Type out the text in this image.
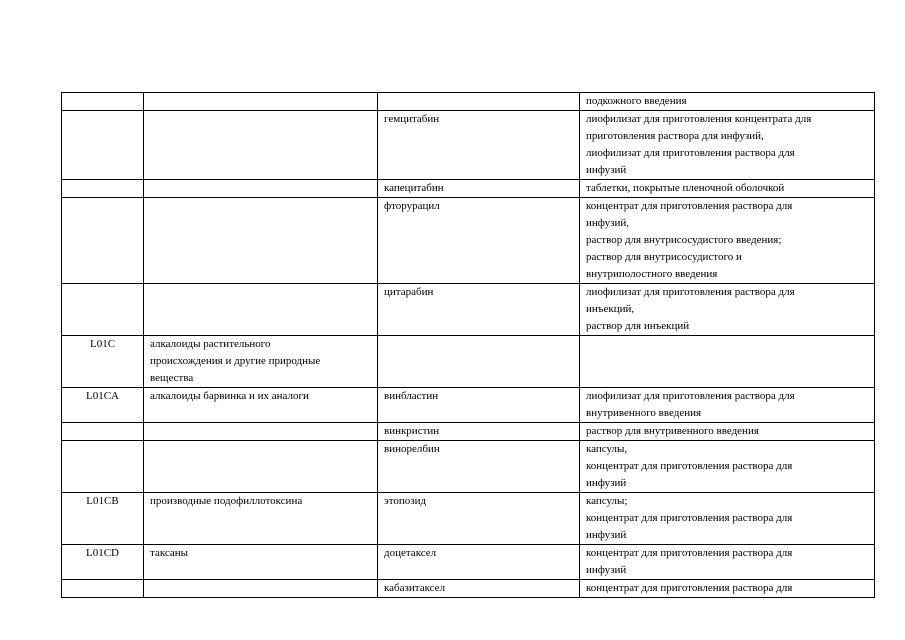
			подкожного введения

		гемцитабин	лиофилизат для приготовления концентрата для
приготовления раствора для инфузий,
лиофилизат для приготовления раствора для
инфузий

		капецитабин	таблетки, покрытые пленочной оболочкой

		фторурацил	концентрат для приготовления раствора для
инфузий,
раствор для внутрисосудистого введения;
раствор для внутрисосудистого и
внутриполостного введения

		цитарабин	лиофилизат для приготовления раствора для
инъекций,
раствор для инъекций

L01C	алкалоиды растительного
происхождения и другие природные
вещества		

L01CA	алкалоиды барвинка и их аналоги	винбластин	лиофилизат для приготовления раствора для
внутривенного введения

		винкристин	раствор для внутривенного введения

		винорелбин	капсулы,
концентрат для приготовления раствора для
инфузий

L01CB	производные подофиллотоксина	этопозид	капсулы;
концентрат для приготовления раствора для
инфузий

L01CD	таксаны	доцетаксел	концентрат для приготовления раствора для
инфузий

		кабазитаксел	концентрат для приготовления раствора для
